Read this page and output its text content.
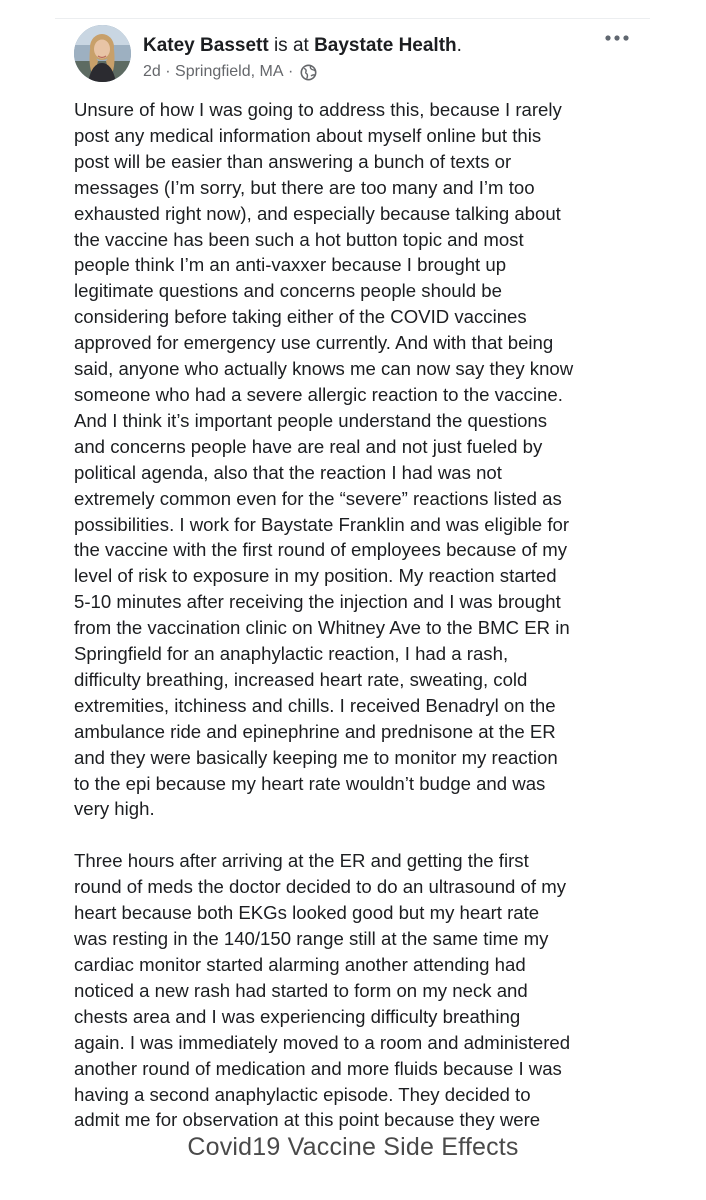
Katey Bassett is at Baystate Health.
2d · Springfield, MA ·

Unsure of how I was going to address this, because I rarely

post any medical information about myself online but this

post will be easier than answering a bunch of texts or

messages (I’m sorry, but there are too many and I’m too

exhausted right now), and especially because talking about

the vaccine has been such a hot button topic and most

people think I’m an anti-vaxxer because I brought up

legitimate questions and concerns people should be

considering before taking either of the COVID vaccines

approved for emergency use currently. And with that being

said, anyone who actually knows me can now say they know

someone who had a severe allergic reaction to the vaccine.

And I think it’s important people understand the questions

and concerns people have are real and not just fueled by

political agenda, also that the reaction I had was not

extremely common even for the “severe” reactions listed as

possibilities. I work for Baystate Franklin and was eligible for

the vaccine with the first round of employees because of my

level of risk to exposure in my position. My reaction started

5-10 minutes after receiving the injection and I was brought

from the vaccination clinic on Whitney Ave to the BMC ER in

Springfield for an anaphylactic reaction, I had a rash,

difficulty breathing, increased heart rate, sweating, cold

extremities, itchiness and chills. I received Benadryl on the

ambulance ride and epinephrine and prednisone at the ER

and they were basically keeping me to monitor my reaction

to the epi because my heart rate wouldn’t budge and was

very high.

Three hours after arriving at the ER and getting the first

round of meds the doctor decided to do an ultrasound of my

heart because both EKGs looked good but my heart rate

was resting in the 140/150 range still at the same time my

cardiac monitor started alarming another attending had

noticed a new rash had started to form on my neck and

chests area and I was experiencing difficulty breathing

again. I was immediately moved to a room and administered

another round of medication and more fluids because I was

having a second anaphylactic episode. They decided to

admit me for observation at this point because they were

Covid19 Vaccine Side Effects
